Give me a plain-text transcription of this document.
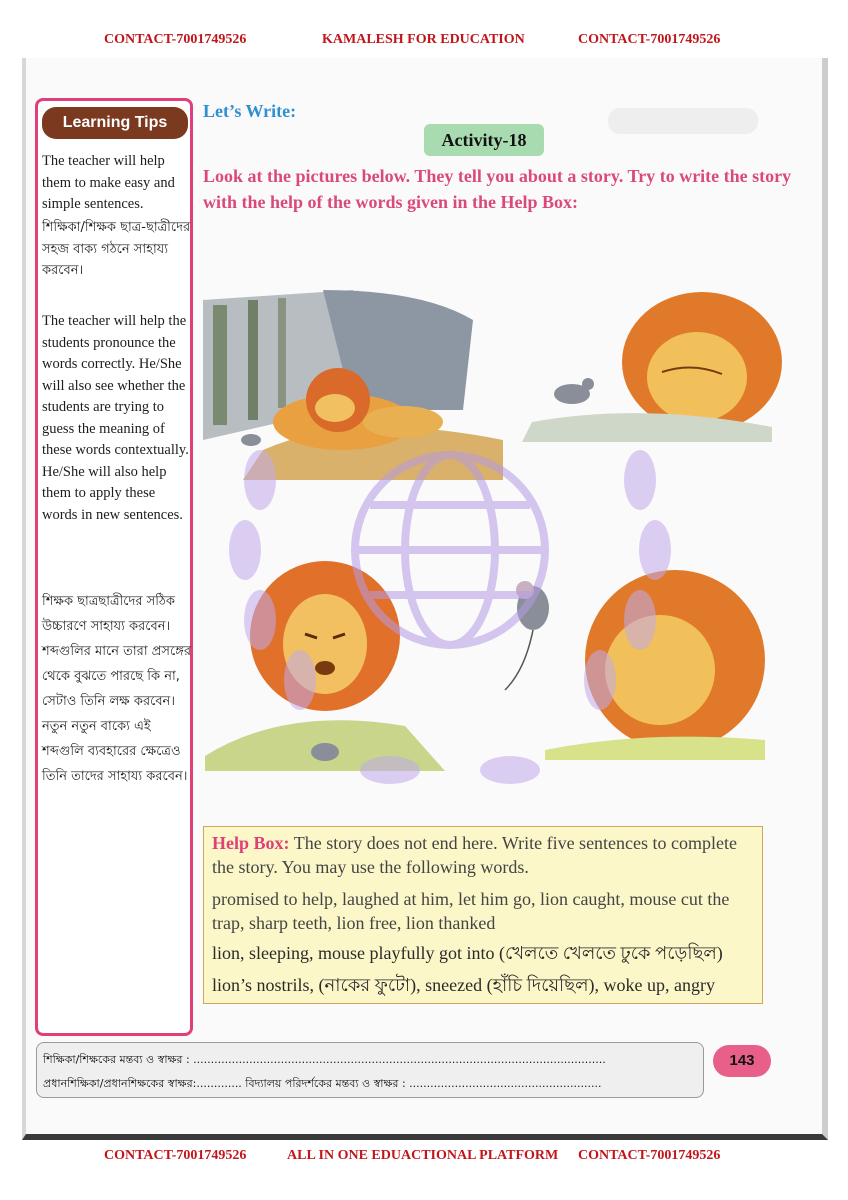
CONTACT-7001749526	KAMALESH FOR EDUCATION	CONTACT-7001749526
Learning Tips

The teacher will help them to make easy and simple sentences.

শিক্ষিকা/শিক্ষক ছাত্র-ছাত্রীদের সহজ বাক্য গঠনে সাহায্য করবেন।

The teacher will help the students pronounce the words correctly. He/She will also see whether the students are trying to guess the meaning of these words contextually. He/She will also help them to apply these words in new sentences.

শিক্ষক ছাত্রছাত্রীদের সঠিক উচ্চারণে সাহায্য করবেন। শব্দগুলির মানে তারা প্রসঙ্গের থেকে বুঝতে পারছে কি না, সেটাও তিনি লক্ষ করবেন। নতুন নতুন বাক্যে এই শব্দগুলি ব্যবহারের ক্ষেত্রেও তিনি তাদের সাহায্য করবেন।

Let’s Write:
Activity-18
Look at the pictures below. They tell you about a story. Try to write the story with the help of the words given in the Help Box:
Help Box: The story does not end here. Write five sentences to complete the story. You may use the following words.
promised to help, laughed at him, let him go, lion caught, mouse cut the trap, sharp teeth, lion free, lion thanked
lion, sleeping, mouse playfully got into (খেলতে খেলতে ঢুকে পড়েছিল)
lion’s nostrils, (নাকের ফুটো), sneezed (হাঁচি দিয়েছিল), woke up, angry
শিক্ষিকা/শিক্ষকের মন্তব্য ও স্বাক্ষর : ......................................................................................................................
প্রধানশিক্ষিকা/প্রধানশিক্ষকের স্বাক্ষর:............. বিদ্যালয় পরিদর্শকের মন্তব্য ও স্বাক্ষর : .......................................................
143
CONTACT-7001749526	ALL IN ONE EDUACTIONAL PLATFORM CONTACT-7001749526
